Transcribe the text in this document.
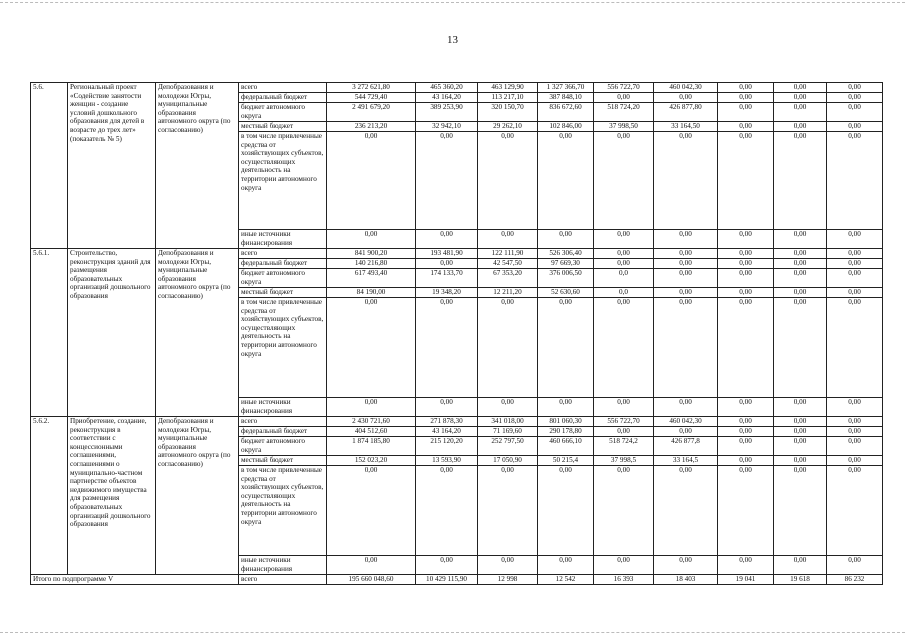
13
5.6.	Региональный проект «Содействие занятости женщин - создание условий дошкольного образования для детей в возрасте до трех лет» (показатель № 5)	Депобразования и молодежи Югры, муниципальные образования автономного округа (по согласованию)	всего	3 272 621,80	465 360,20	463 129,90	1 327 366,70	556 722,70	460 042,30	0,00	0,00	0,00
			федеральный бюджет	544 729,40	43 164,20	113 217,10	387 848,10	0,00	0,00	0,00	0,00	0,00
			бюджет автономного округа	2 491 679,20	389 253,90	320 150,70	836 672,60	518 724,20	426 877,80	0,00	0,00	0,00
			местный бюджет	236 213,20	32 942,10	29 262,10	102 846,00	37 998,50	33 164,50	0,00	0,00	0,00
			в том числе привлеченные средства от хозяйствующих субъектов, осуществляющих деятельность на территории автономного округа	0,00	0,00	0,00	0,00	0,00	0,00	0,00	0,00	0,00
			иные источники финансирования	0,00	0,00	0,00	0,00	0,00	0,00	0,00	0,00	0,00
5.6.1.	Строительство, реконструкция зданий для размещения образовательных организаций дошкольного образования	Депобразования и молодежи Югры, муниципальные образования автономного округа (по согласованию)	всего	841 900,20	193 481,90	122 111,90	526 306,40	0,00	0,00	0,00	0,00	0,00
			федеральный бюджет	140 216,80	0,00	42 547,50	97 669,30	0,00	0,00	0,00	0,00	0,00
			бюджет автономного округа	617 493,40	174 133,70	67 353,20	376 006,50	0,0	0,00	0,00	0,00	0,00
			местный бюджет	84 190,00	19 348,20	12 211,20	52 630,60	0,0	0,00	0,00	0,00	0,00
			в том числе привлеченные средства от хозяйствующих субъектов, осуществляющих деятельность на территории автономного округа	0,00	0,00	0,00	0,00	0,00	0,00	0,00	0,00	0,00
			иные источники финансирования	0,00	0,00	0,00	0,00	0,00	0,00	0,00	0,00	0,00
5.6.2.	Приобретение, создание, реконструкция в соответствии с концессионными соглашениями, соглашениями о муниципально-частном партнерстве объектов недвижимого имущества для размещения образовательных организаций дошкольного образования	Депобразования и молодежи Югры, муниципальные образования автономного округа (по согласованию)	всего	2 430 721,60	271 878,30	341 018,00	801 060,30	556 722,70	460 042,30	0,00	0,00	0,00
			федеральный бюджет	404 512,60	43 164,20	71 169,60	290 178,80	0,00	0,00	0,00	0,00	0,00
			бюджет автономного округа	1 874 185,80	215 120,20	252 797,50	460 666,10	518 724,2	426 877,8	0,00	0,00	0,00
			местный бюджет	152 023,20	13 593,90	17 050,90	50 215,4	37 998,5	33 164,5	0,00	0,00	0,00
			в том числе привлеченные средства от хозяйствующих субъектов, осуществляющих деятельность на территории автономного округа	0,00	0,00	0,00	0,00	0,00	0,00	0,00	0,00	0,00
			иные источники финансирования	0,00	0,00	0,00	0,00	0,00	0,00	0,00	0,00	0,00
Итого по подпрограмме V			всего	195 660 048,60	10 429 115,90	12 998	12 542	16 393	18 403	19 041	19 618	86 232
